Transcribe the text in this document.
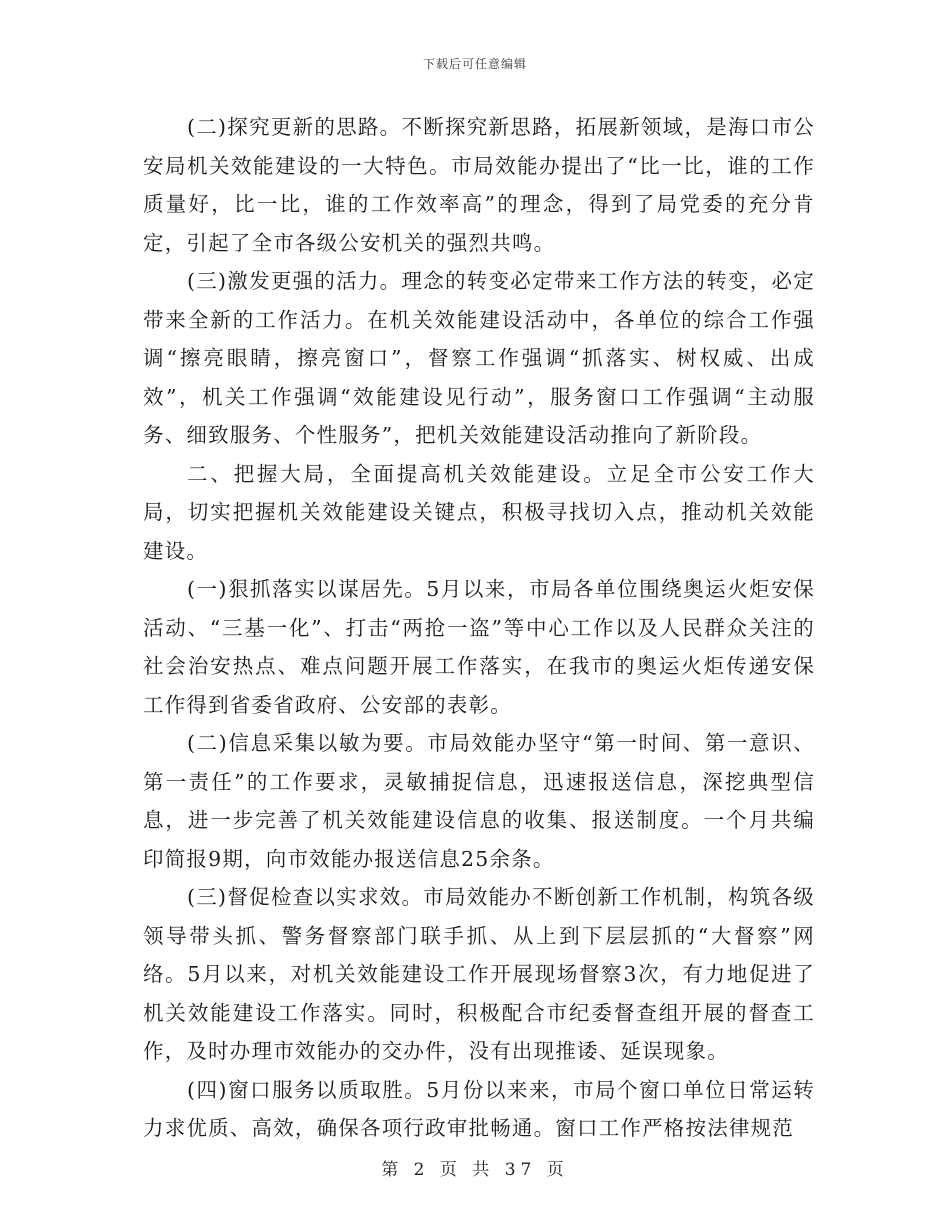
下载后可任意编辑

(二)探究更新的思路。不断探究新思路，拓展新领域，是海口市公安局机关效能建设的一大特色。市局效能办提出了“比一比，谁的工作质量好，比一比，谁的工作效率高”的理念，得到了局党委的充分肯定，引起了全市各级公安机关的强烈共鸣。

(三)激发更强的活力。理念的转变必定带来工作方法的转变，必定带来全新的工作活力。在机关效能建设活动中，各单位的综合工作强调“擦亮眼睛，擦亮窗口”，督察工作强调“抓落实、树权威、出成效”，机关工作强调“效能建设见行动”，服务窗口工作强调“主动服务、细致服务、个性服务”，把机关效能建设活动推向了新阶段。

二、把握大局，全面提高机关效能建设。立足全市公安工作大局，切实把握机关效能建设关键点，积极寻找切入点，推动机关效能建设。

(一)狠抓落实以谋居先。5月以来，市局各单位围绕奥运火炬安保活动、“三基一化”、打击“两抢一盗”等中心工作以及人民群众关注的社会治安热点、难点问题开展工作落实，在我市的奥运火炬传递安保工作得到省委省政府、公安部的表彰。

(二)信息采集以敏为要。市局效能办坚守“第一时间、第一意识、第一责任”的工作要求，灵敏捕捉信息，迅速报送信息，深挖典型信息，进一步完善了机关效能建设信息的收集、报送制度。一个月共编印简报9期，向市效能办报送信息25余条。

(三)督促检查以实求效。市局效能办不断创新工作机制，构筑各级领导带头抓、警务督察部门联手抓、从上到下层层抓的“大督察”网络。5月以来，对机关效能建设工作开展现场督察3次，有力地促进了机关效能建设工作落实。同时，积极配合市纪委督查组开展的督查工作，及时办理市效能办的交办件，没有出现推诿、延误现象。

(四)窗口服务以质取胜。5月份以来来，市局个窗口单位日常运转力求优质、高效，确保各项行政审批畅通。窗口工作严格按法律规范

第 2 页 共 37 页
